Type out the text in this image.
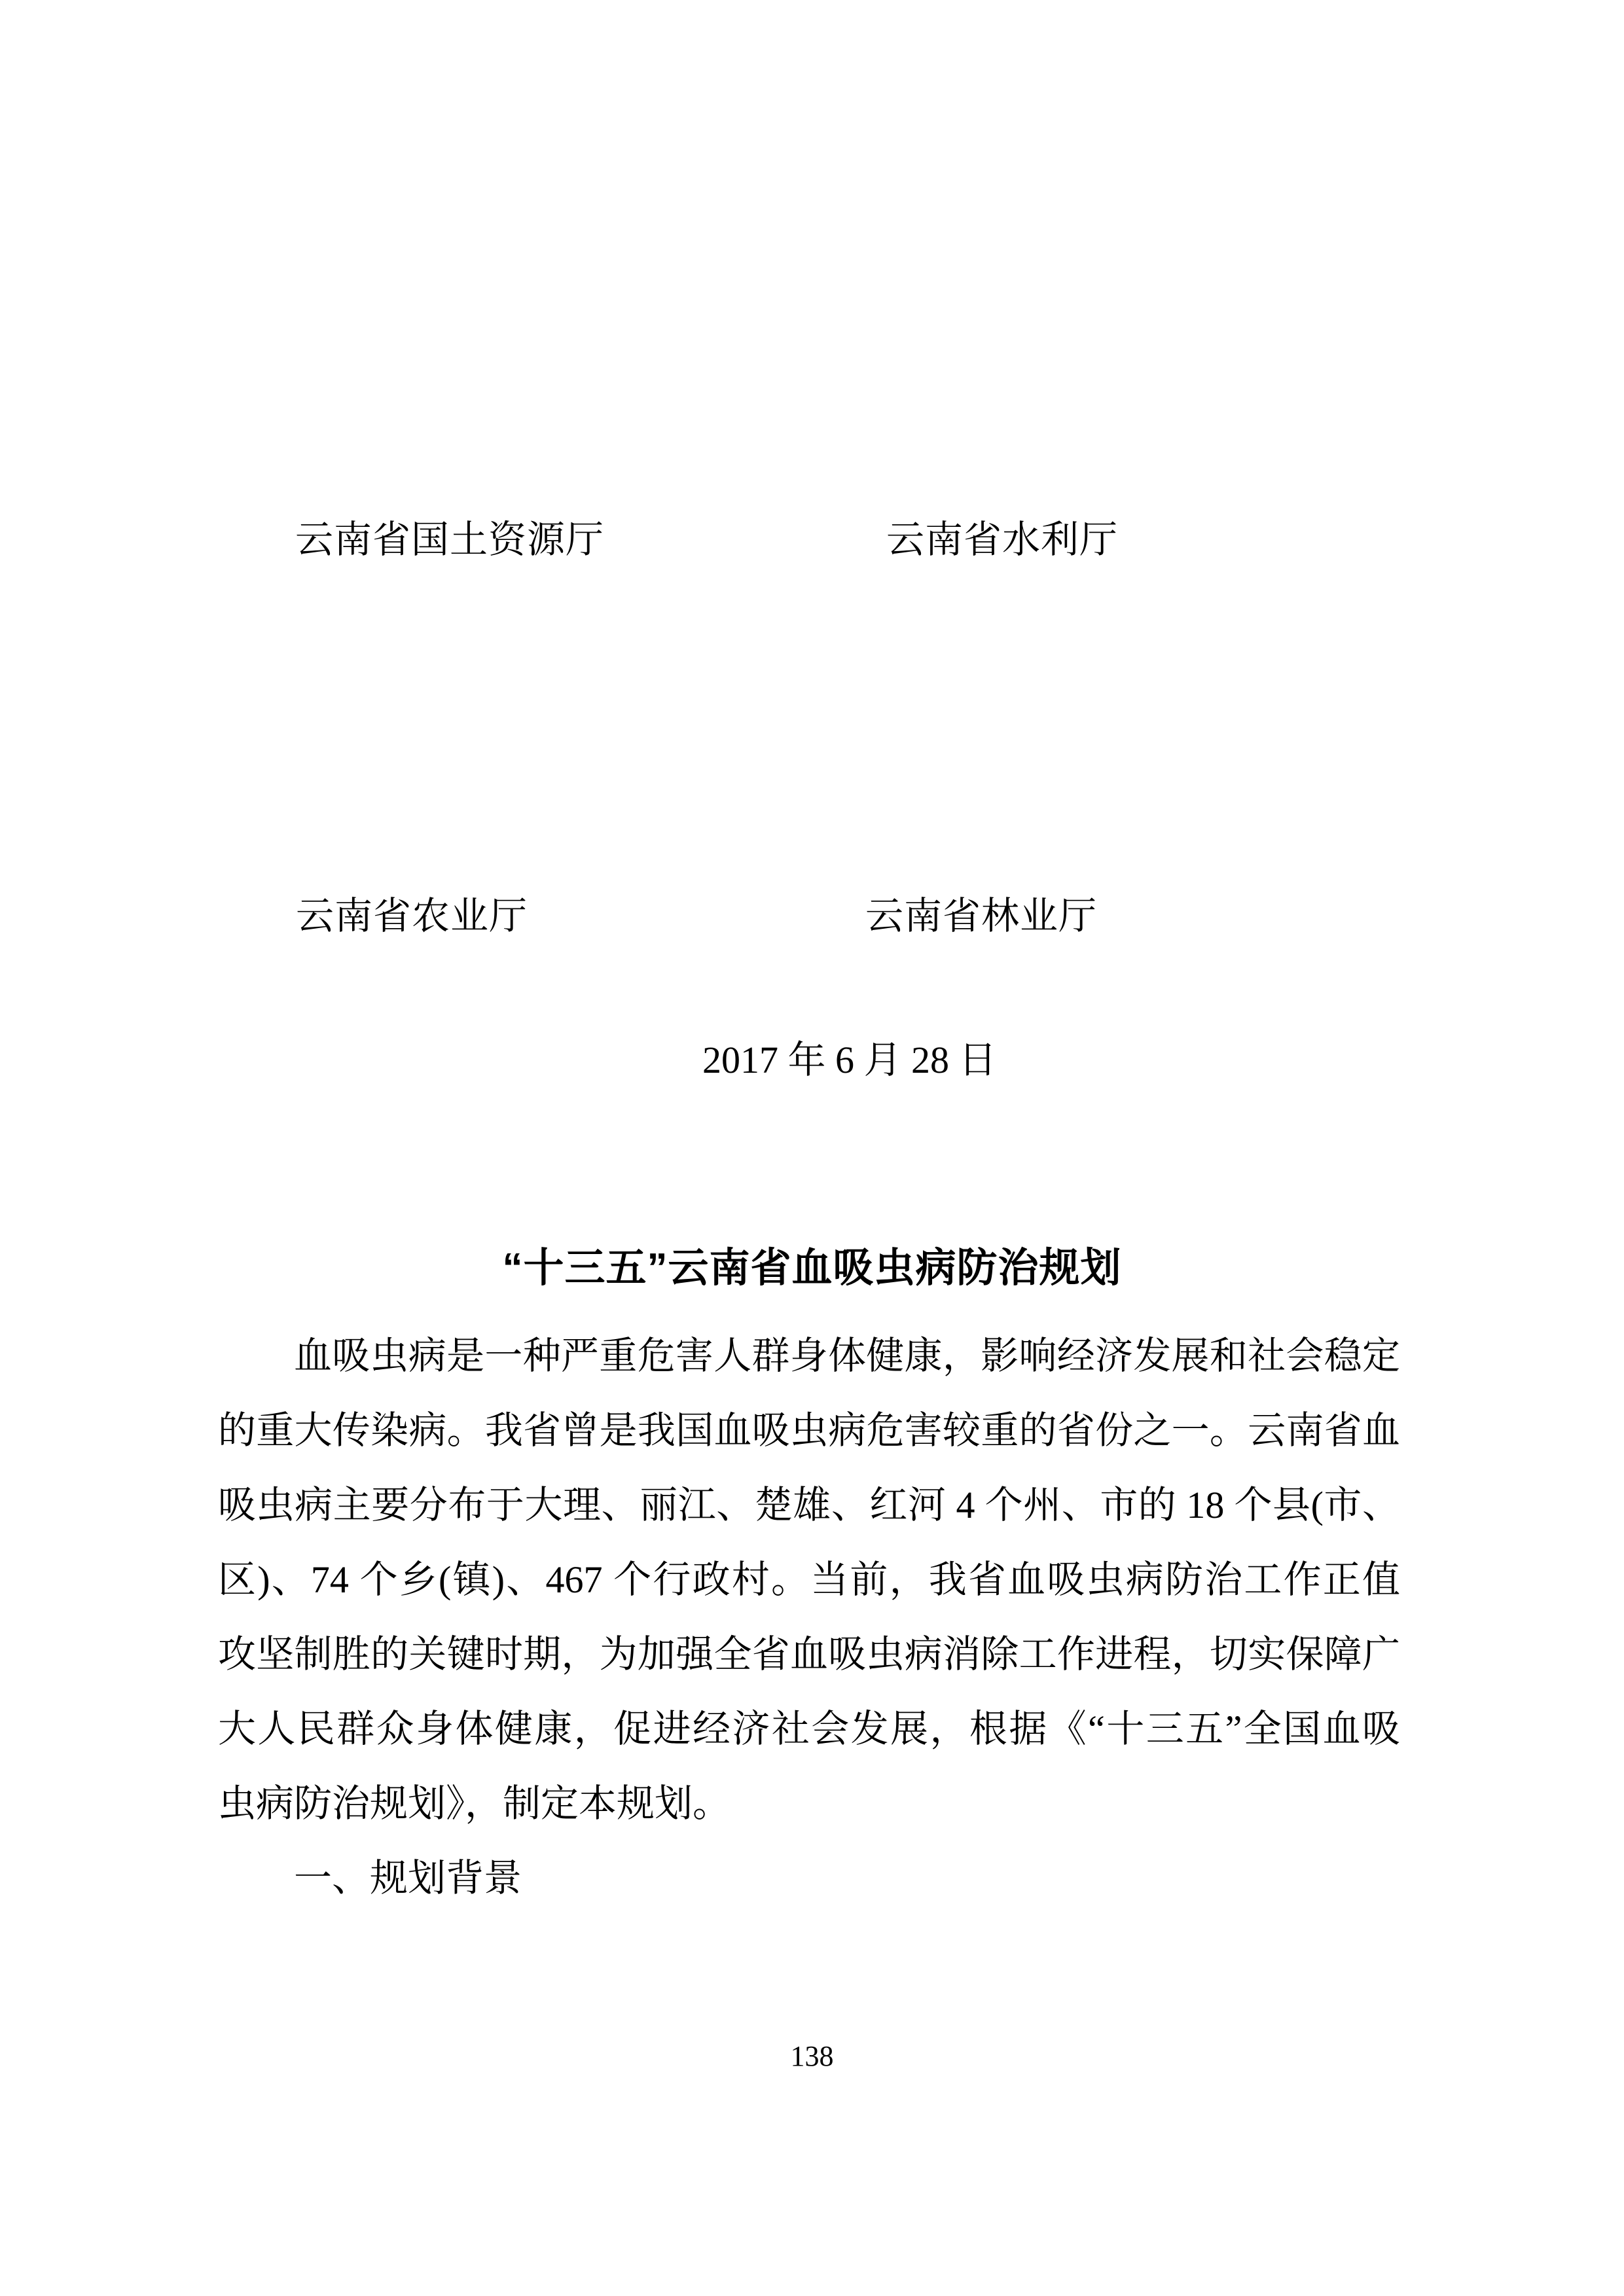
云南省国土资源厅	云南省水利厅
云南省农业厅	云南省林业厅
2017 年 6 月 28 日
“十三五”云南省血吸虫病防治规划
血吸虫病是一种严重危害人群身体健康，影响经济发展和社会稳定
的重大传染病。我省曾是我国血吸虫病危害较重的省份之一。云南省血
吸虫病主要分布于大理、丽江、楚雄、红河 4 个州、市的 18 个县(市、
区)、74 个乡(镇)、467 个行政村。当前，我省血吸虫病防治工作正值
攻坚制胜的关键时期，为加强全省血吸虫病消除工作进程，切实保障广
大人民群众身体健康，促进经济社会发展，根据《“十三五”全国血吸
虫病防治规划》，制定本规划。
一、规划背景
138
